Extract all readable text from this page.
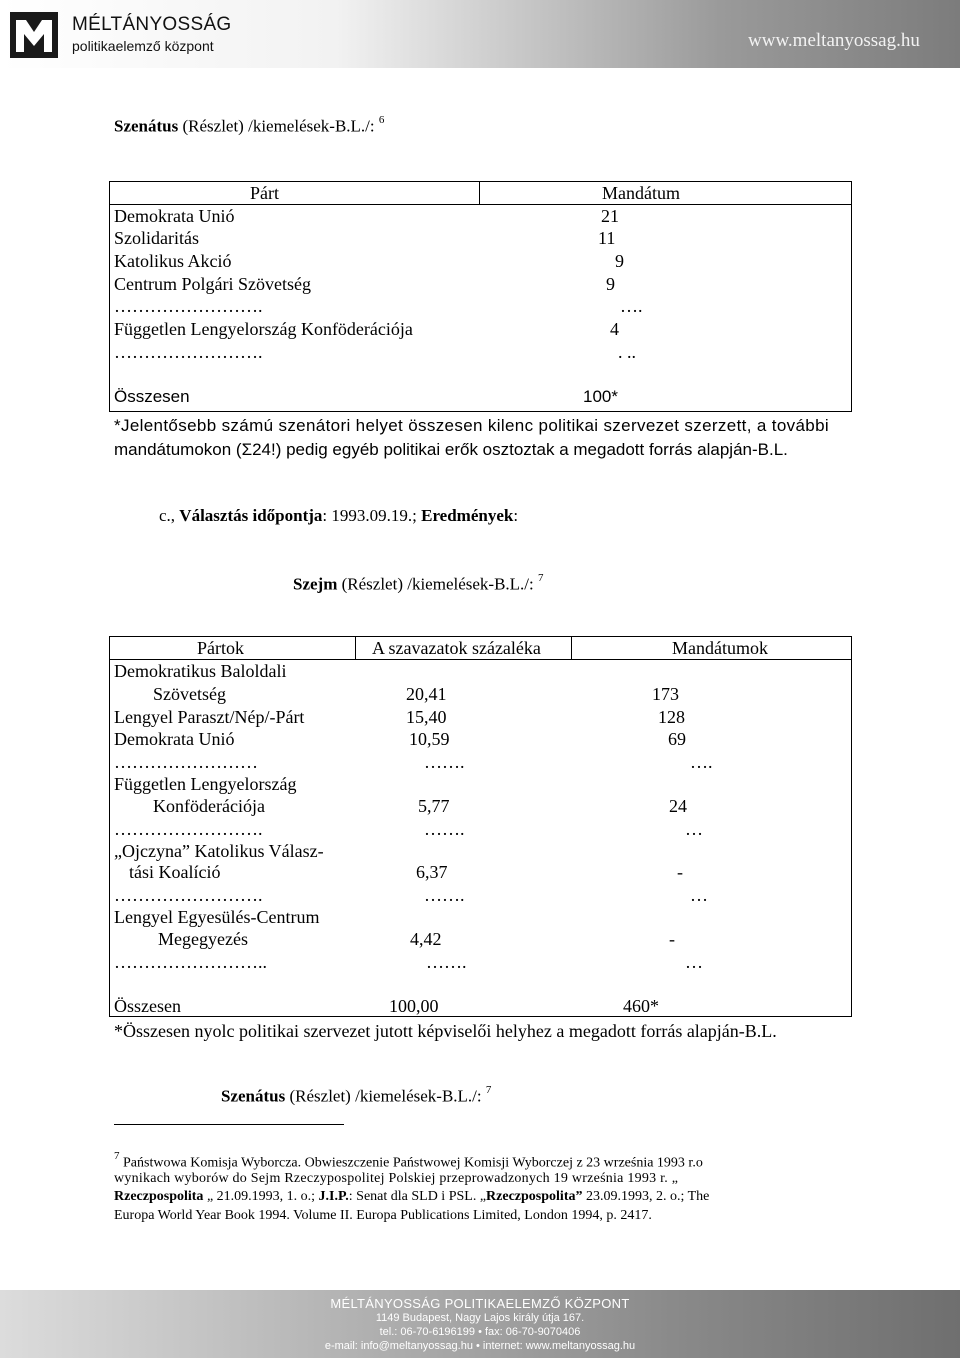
MÉLTÁNYOSSÁG
politikaelemző központ	www.meltanyossag.hu
Szenátus (Részlet) /kiemelések-B.L./: $^6$
Párt	Mandátum
Demokrata Unió	21
Szolidaritás	11
Katolikus Akció	9
Centrum Polgári Szövetség	9
…………………….	….
Független Lengyelország Konföderációja	4
…………………….	. ..
Összesen	100*
*Jelentősebb számú szenátori helyet összesen kilenc politikai szervezet szerzett, a további
mandátumokon (Σ24!) pedig egyéb politikai erők osztoztak a megadott forrás alapján-B.L.
c., Választás időpontja: 1993.09.19.; Eredmények:
Szejm (Részlet) /kiemelések-B.L./: $^7$
Pártok	A szavazatok százaléka	Mandátumok
Demokratikus Baloldali
Szövetség	20,41	173
Lengyel Paraszt/Nép/-Párt	15,40	128
Demokrata Unió	10,59	69
……………………	…….	….
Független Lengyelország
Konföderációja	5,77	24
…………………….	…….	…
„Ojczyna” Katolikus Válasz-
tási Koalíció	6,37	-
…………………….	…….	…
Lengyel Egyesülés-Centrum
Megegyezés	4,42	-
……………………..	…….	…
Összesen	100,00	460*
*Összesen nyolc politikai szervezet jutott képviselői helyhez a megadott forrás alapján-B.L.
Szenátus (Részlet) /kiemelések-B.L./: $^7$
$^7$ Państwowa Komisja Wyborcza. Obwieszczenie Państwowej Komisji Wyborczej z 23 września 1993 r.o
wynikach wyborów do Sejm Rzeczypospolitej Polskiej przeprowadzonych 19 września 1993 r. „
Rzeczpospolita „ 21.09.1993, 1. o.; J.I.P.: Senat dla SLD i PSL. „Rzeczpospolita” 23.09.1993, 2. o.; The
Europa World Year Book 1994. Volume II. Europa Publications Limited, London 1994, p. 2417.
MÉLTÁNYOSSÁG POLITIKAELEMZŐ KÖZPONT
1149 Budapest, Nagy Lajos király útja 167.
tel.: 06-70-6196199 • fax: 06-70-9070406
e-mail: info@meltanyossag.hu • internet: www.meltanyossag.hu
